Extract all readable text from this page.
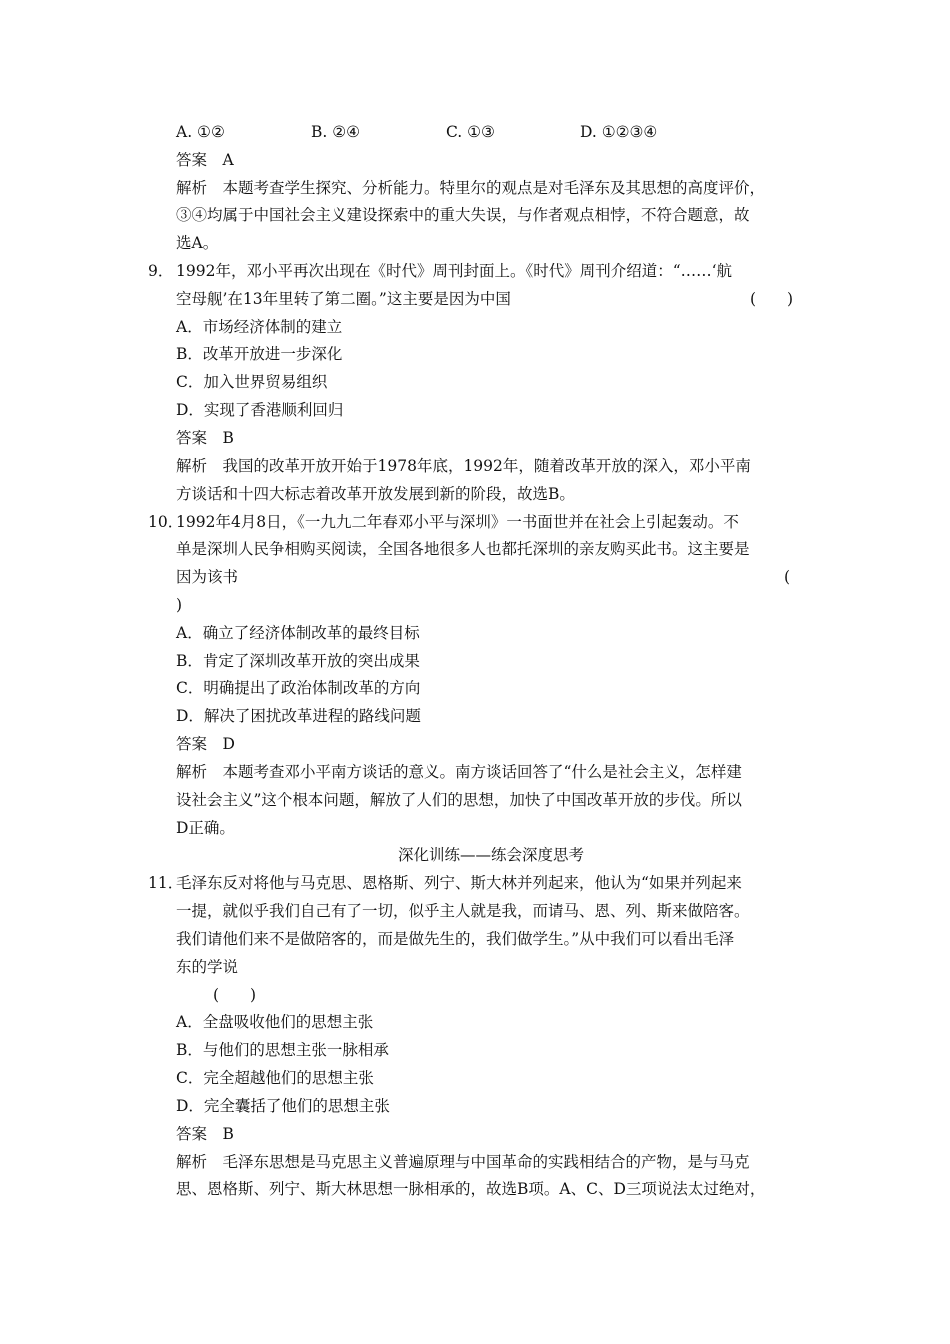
A. ①②	B. ②④	C. ①③	D. ①②③④
答案　A
解析　本题考查学生探究、分析能力。特里尔的观点是对毛泽东及其思想的高度评价，
③④均属于中国社会主义建设探索中的重大失误，与作者观点相悖，不符合题意，故
选A。
9． 1992年，邓小平再次出现在《时代》周刊封面上。《时代》周刊介绍道：“……‘航
空母舰’在13年里转了第二圈。”这主要是因为中国	(　　)
A．市场经济体制的建立
B．改革开放进一步深化
C．加入世界贸易组织
D．实现了香港顺利回归
答案　B
解析　我国的改革开放开始于1978年底，1992年，随着改革开放的深入，邓小平南
方谈话和十四大标志着改革开放发展到新的阶段，故选B。
10．
1992年4月8日，《一九九二年春邓小平与深圳》一书面世并在社会上引起轰动。不
单是深圳人民争相购买阅读，全国各地很多人也都托深圳的亲友购买此书。这主要是
因为该书	(
)
A．确立了经济体制改革的最终目标
B．肯定了深圳改革开放的突出成果
C．明确提出了政治体制改革的方向
D．解决了困扰改革进程的路线问题
答案　D
解析　本题考查邓小平南方谈话的意义。南方谈话回答了“什么是社会主义，怎样建
设社会主义”这个根本问题，解放了人们的思想，加快了中国改革开放的步伐。所以
D正确。
深化训练——练会深度思考
11．
毛泽东反对将他与马克思、恩格斯、列宁、斯大林并列起来，他认为“如果并列起来
一提，就似乎我们自己有了一切，似乎主人就是我，而请马、恩、列、斯来做陪客。
我们请他们来不是做陪客的，而是做先生的，我们做学生。”从中我们可以看出毛泽
东的学说
(　　)
A．全盘吸收他们的思想主张
B．与他们的思想主张一脉相承
C．完全超越他们的思想主张
D．完全囊括了他们的思想主张
答案　B
解析　毛泽东思想是马克思主义普遍原理与中国革命的实践相结合的产物，是与马克
思、恩格斯、列宁、斯大林思想一脉相承的，故选B项。A、C、D三项说法太过绝对，
